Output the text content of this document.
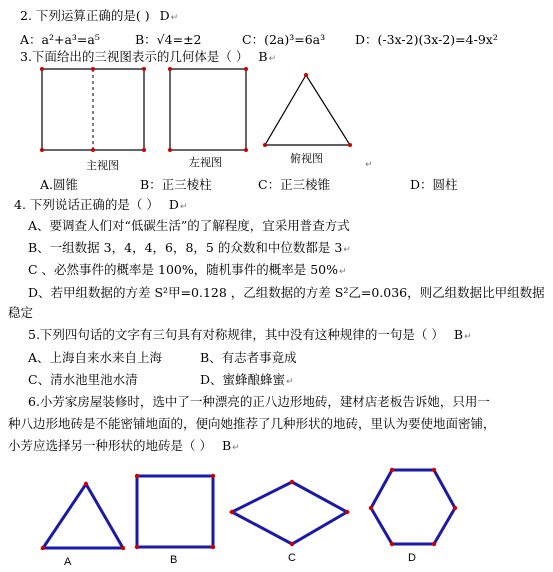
2. 下列运算正确的是( ) D↵
A：a²+a³=a⁵	B：√4=±2	C：(2a)³=6a³ D：(-3x-2)(3x-2)=4-9x²
3.下面给出的三视图表示的几何体是（ ） B↵
主视图	左视图	俯视图	↵
A.圆锥	B：正三棱柱	C：正三棱锥	D：圆柱
4. 下列说话正确的是（ ） D↵
A、要调查人们对“低碳生活”的了解程度，宜采用普查方式
B、一组数据 3，4，4，6，8，5 的众数和中位数都是 3↵
C 、必然事件的概率是 100%，随机事件的概率是 50%↵
D、若甲组数据的方差 S²甲=0.128 ，乙组数据的方差 S²乙=0.036，则乙组数据比甲组数据
稳定
5.下列四句话的文字有三句具有对称规律，其中没有这种规律的一句是（ ） B↵
A、上海自来水来自上海	B、有志者事竟成
C、清水池里池水清	D、蜜蜂酿蜂蜜↵
6.小芳家房屋装修时，选中了一种漂亮的正八边形地砖，建材店老板告诉她，只用一
种八边形地砖是不能密铺地面的，便向她推荐了几种形状的地砖，里认为要使地面密铺，
小芳应选择另一种形状的地砖是（ ） B↵
A	B	C	D
